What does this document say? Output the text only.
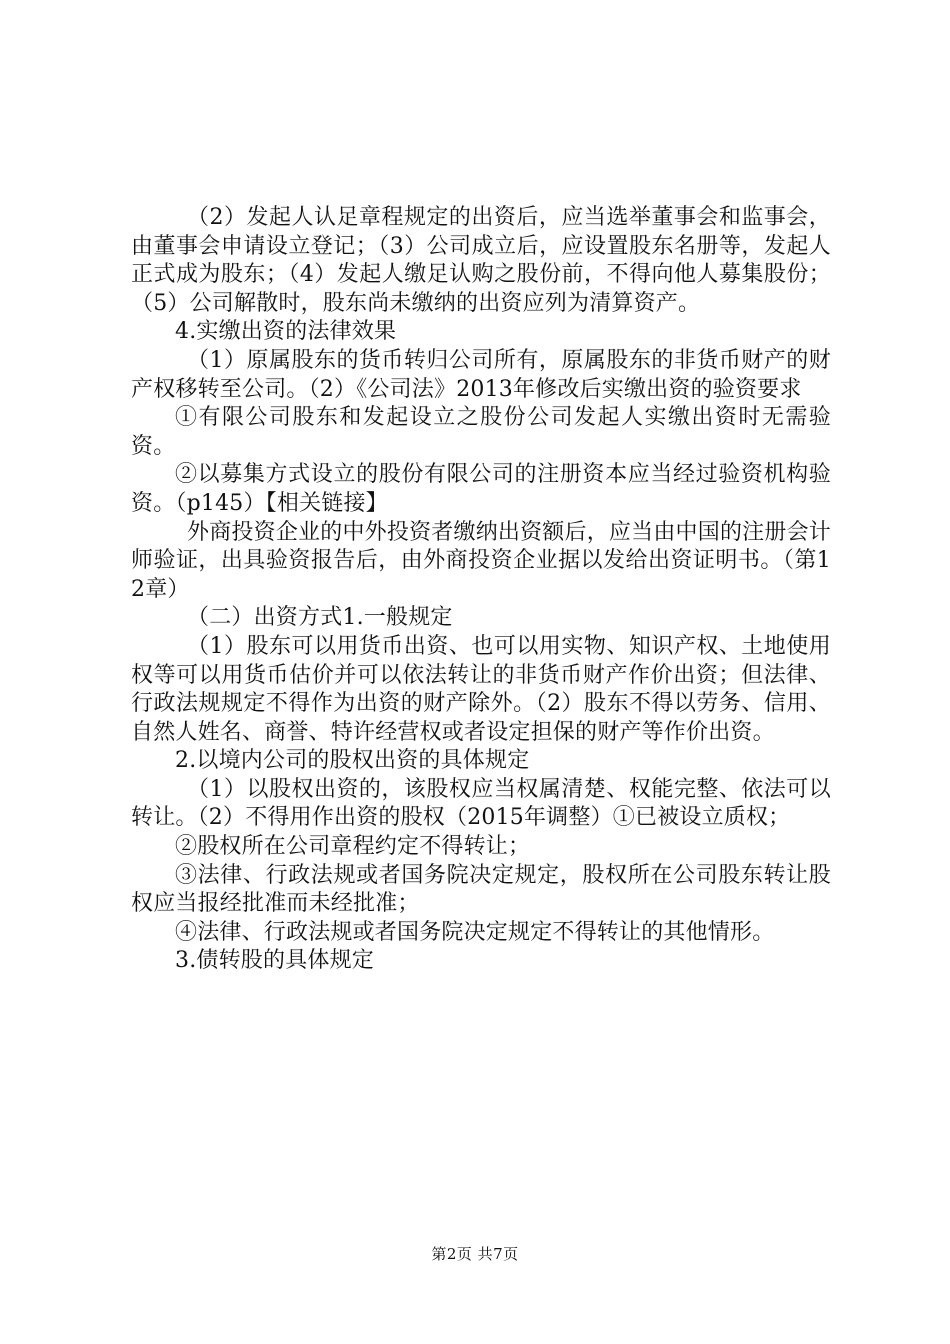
（2）发起人认足章程规定的出资后，应当选举董事会和监事会，由董事会申请设立登记；（3）公司成立后，应设置股东名册等，发起人正式成为股东；（4）发起人缴足认购之股份前，不得向他人募集股份；（5）公司解散时，股东尚未缴纳的出资应列为清算资产。

4.实缴出资的法律效果

（1）原属股东的货币转归公司所有，原属股东的非货币财产的财产权移转至公司。（2）《公司法》2013年修改后实缴出资的验资要求

①有限公司股东和发起设立之股份公司发起人实缴出资时无需验资。

②以募集方式设立的股份有限公司的注册资本应当经过验资机构验资。（p145）【相关链接】

外商投资企业的中外投资者缴纳出资额后，应当由中国的注册会计师验证，出具验资报告后，由外商投资企业据以发给出资证明书。（第12章）

（二）出资方式1.一般规定

（1）股东可以用货币出资、也可以用实物、知识产权、土地使用权等可以用货币估价并可以依法转让的非货币财产作价出资；但法律、行政法规规定不得作为出资的财产除外。（2）股东不得以劳务、信用、自然人姓名、商誉、特许经营权或者设定担保的财产等作价出资。

2.以境内公司的股权出资的具体规定

（1）以股权出资的，该股权应当权属清楚、权能完整、依法可以转让。（2）不得用作出资的股权（2015年调整）①已被设立质权；

②股权所在公司章程约定不得转让；

③法律、行政法规或者国务院决定规定，股权所在公司股东转让股权应当报经批准而未经批准；

④法律、行政法规或者国务院决定规定不得转让的其他情形。

3.债转股的具体规定

第2页 共7页
